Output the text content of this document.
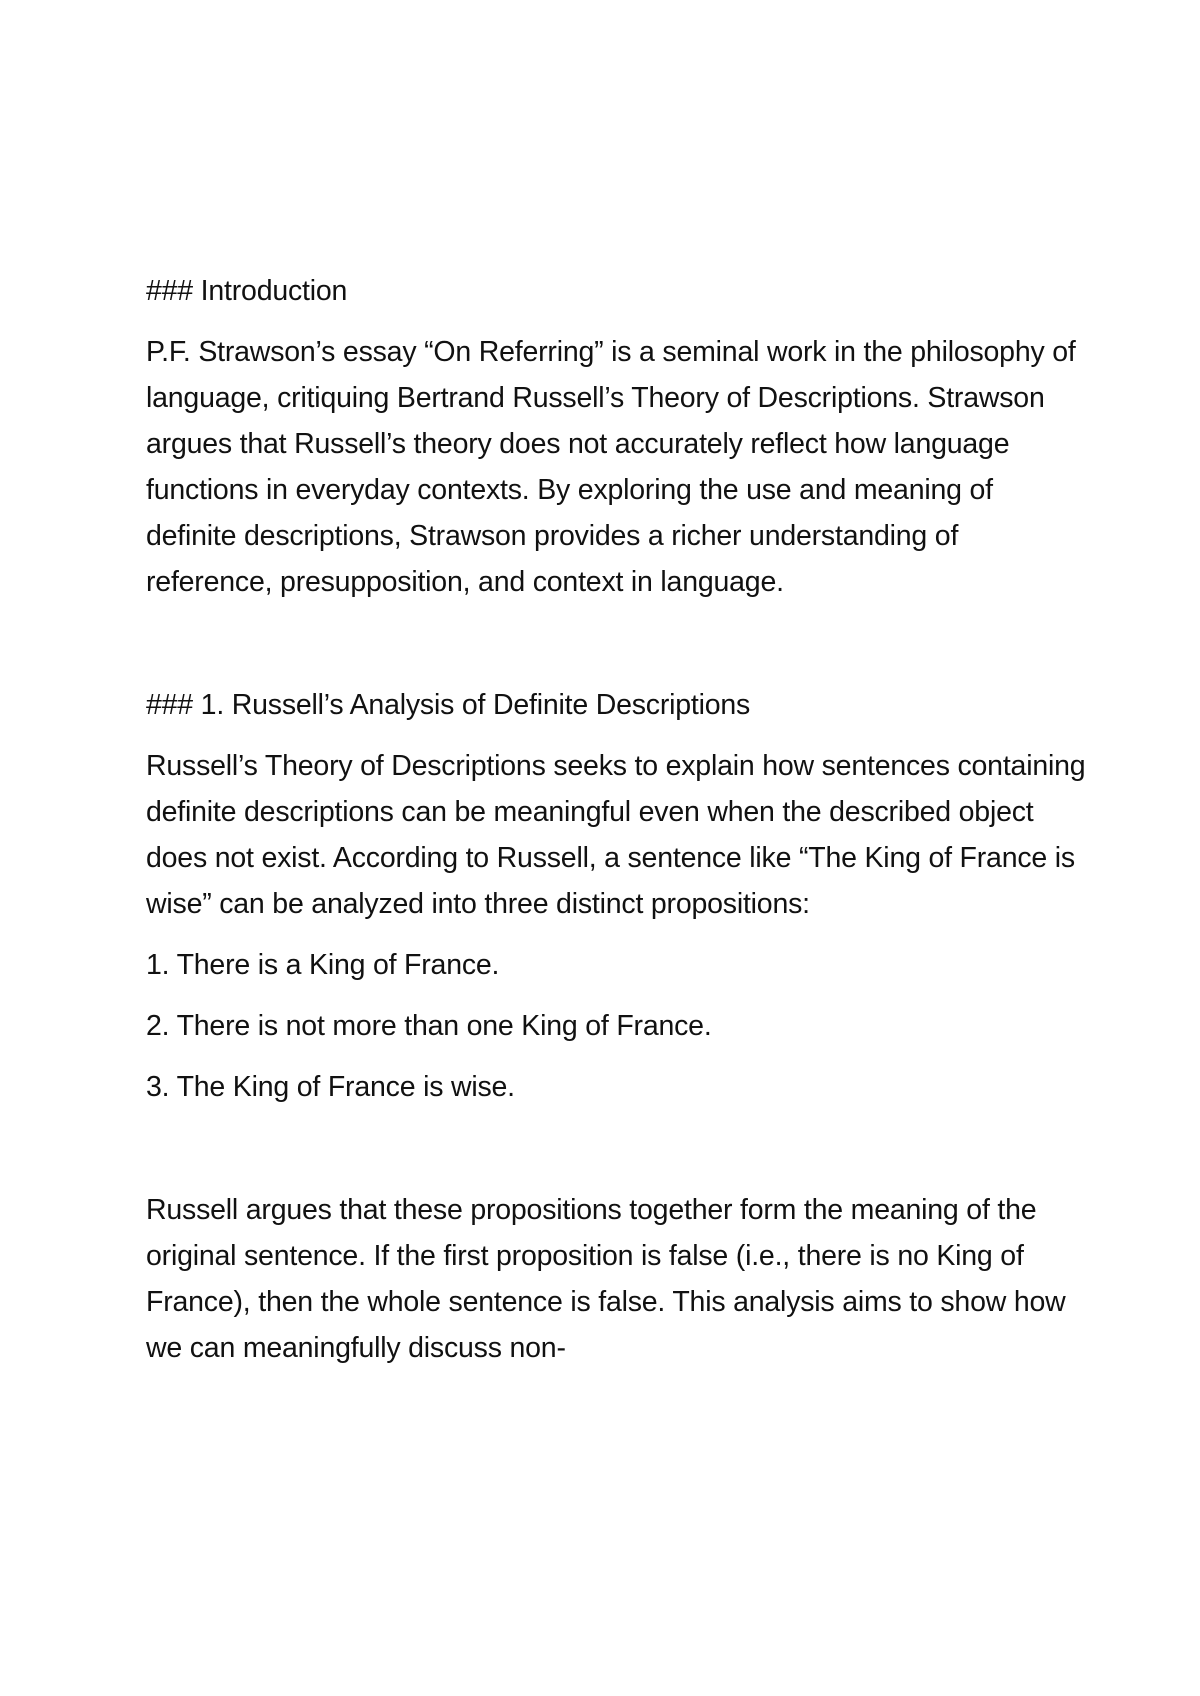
### Introduction

P.F. Strawson’s essay “On Referring” is a seminal work in the philosophy of language, critiquing Bertrand Russell’s Theory of Descriptions. Strawson argues that Russell’s theory does not accurately reflect how language functions in everyday contexts. By exploring the use and meaning of definite descriptions, Strawson provides a richer understanding of reference, presupposition, and context in language.

### 1. Russell’s Analysis of Definite Descriptions

Russell’s Theory of Descriptions seeks to explain how sentences containing definite descriptions can be meaningful even when the described object does not exist. According to Russell, a sentence like “The King of France is wise” can be analyzed into three distinct propositions:

1. There is a King of France.

2. There is not more than one King of France.

3. The King of France is wise.

Russell argues that these propositions together form the meaning of the original sentence. If the first proposition is false (i.e., there is no King of France), then the whole sentence is false. This analysis aims to show how we can meaningfully discuss non-
